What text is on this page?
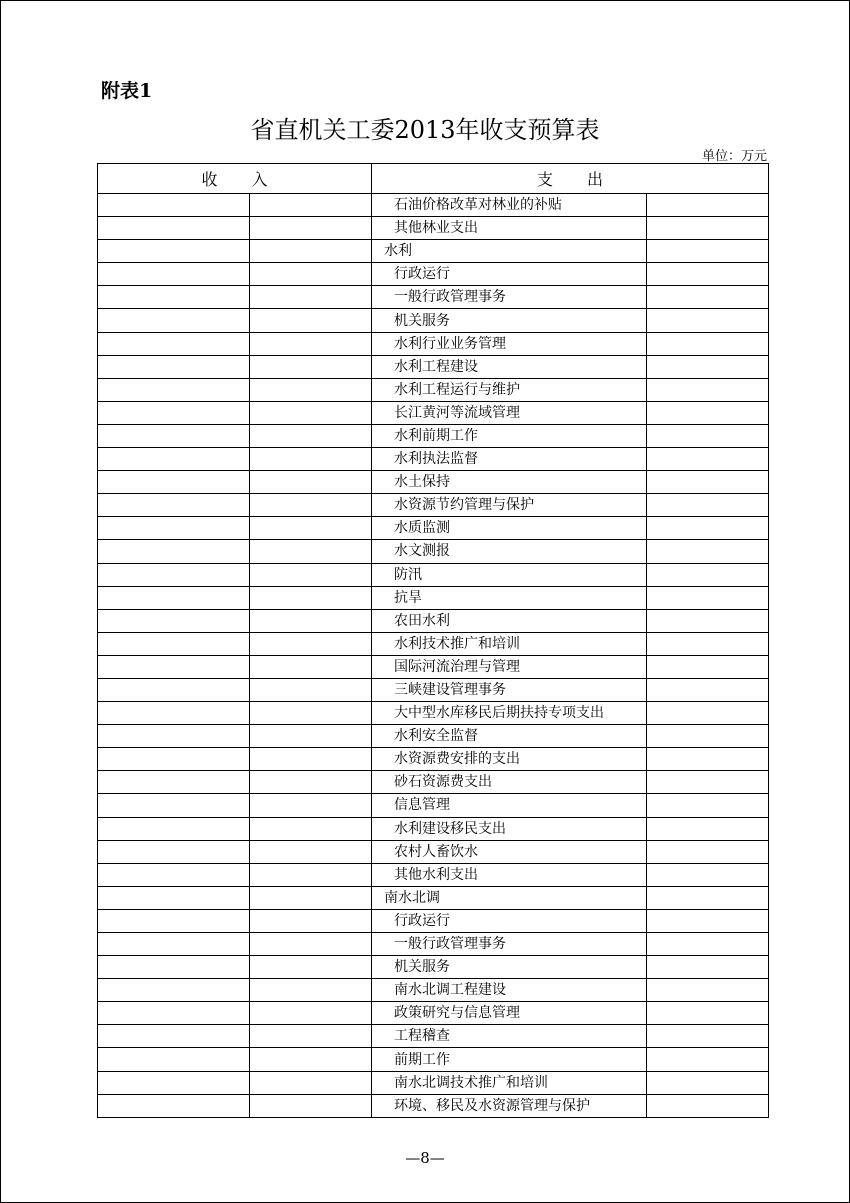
附表1
省直机关工委2013年收支预算表
单位：万元
收入		支出	
		石油价格改革对林业的补贴	
		其他林业支出	
		水利	
		行政运行	
		一般行政管理事务	
		机关服务	
		水利行业业务管理	
		水利工程建设	
		水利工程运行与维护	
		长江黄河等流域管理	
		水利前期工作	
		水利执法监督	
		水土保持	
		水资源节约管理与保护	
		水质监测	
		水文测报	
		防汛	
		抗旱	
		农田水利	
		水利技术推广和培训	
		国际河流治理与管理	
		三峡建设管理事务	
		大中型水库移民后期扶持专项支出	
		水利安全监督	
		水资源费安排的支出	
		砂石资源费支出	
		信息管理	
		水利建设移民支出	
		农村人畜饮水	
		其他水利支出	
		南水北调	
		行政运行	
		一般行政管理事务	
		机关服务	
		南水北调工程建设	
		政策研究与信息管理	
		工程稽查	
		前期工作	
		南水北调技术推广和培训	
		环境、移民及水资源管理与保护	
—8—
